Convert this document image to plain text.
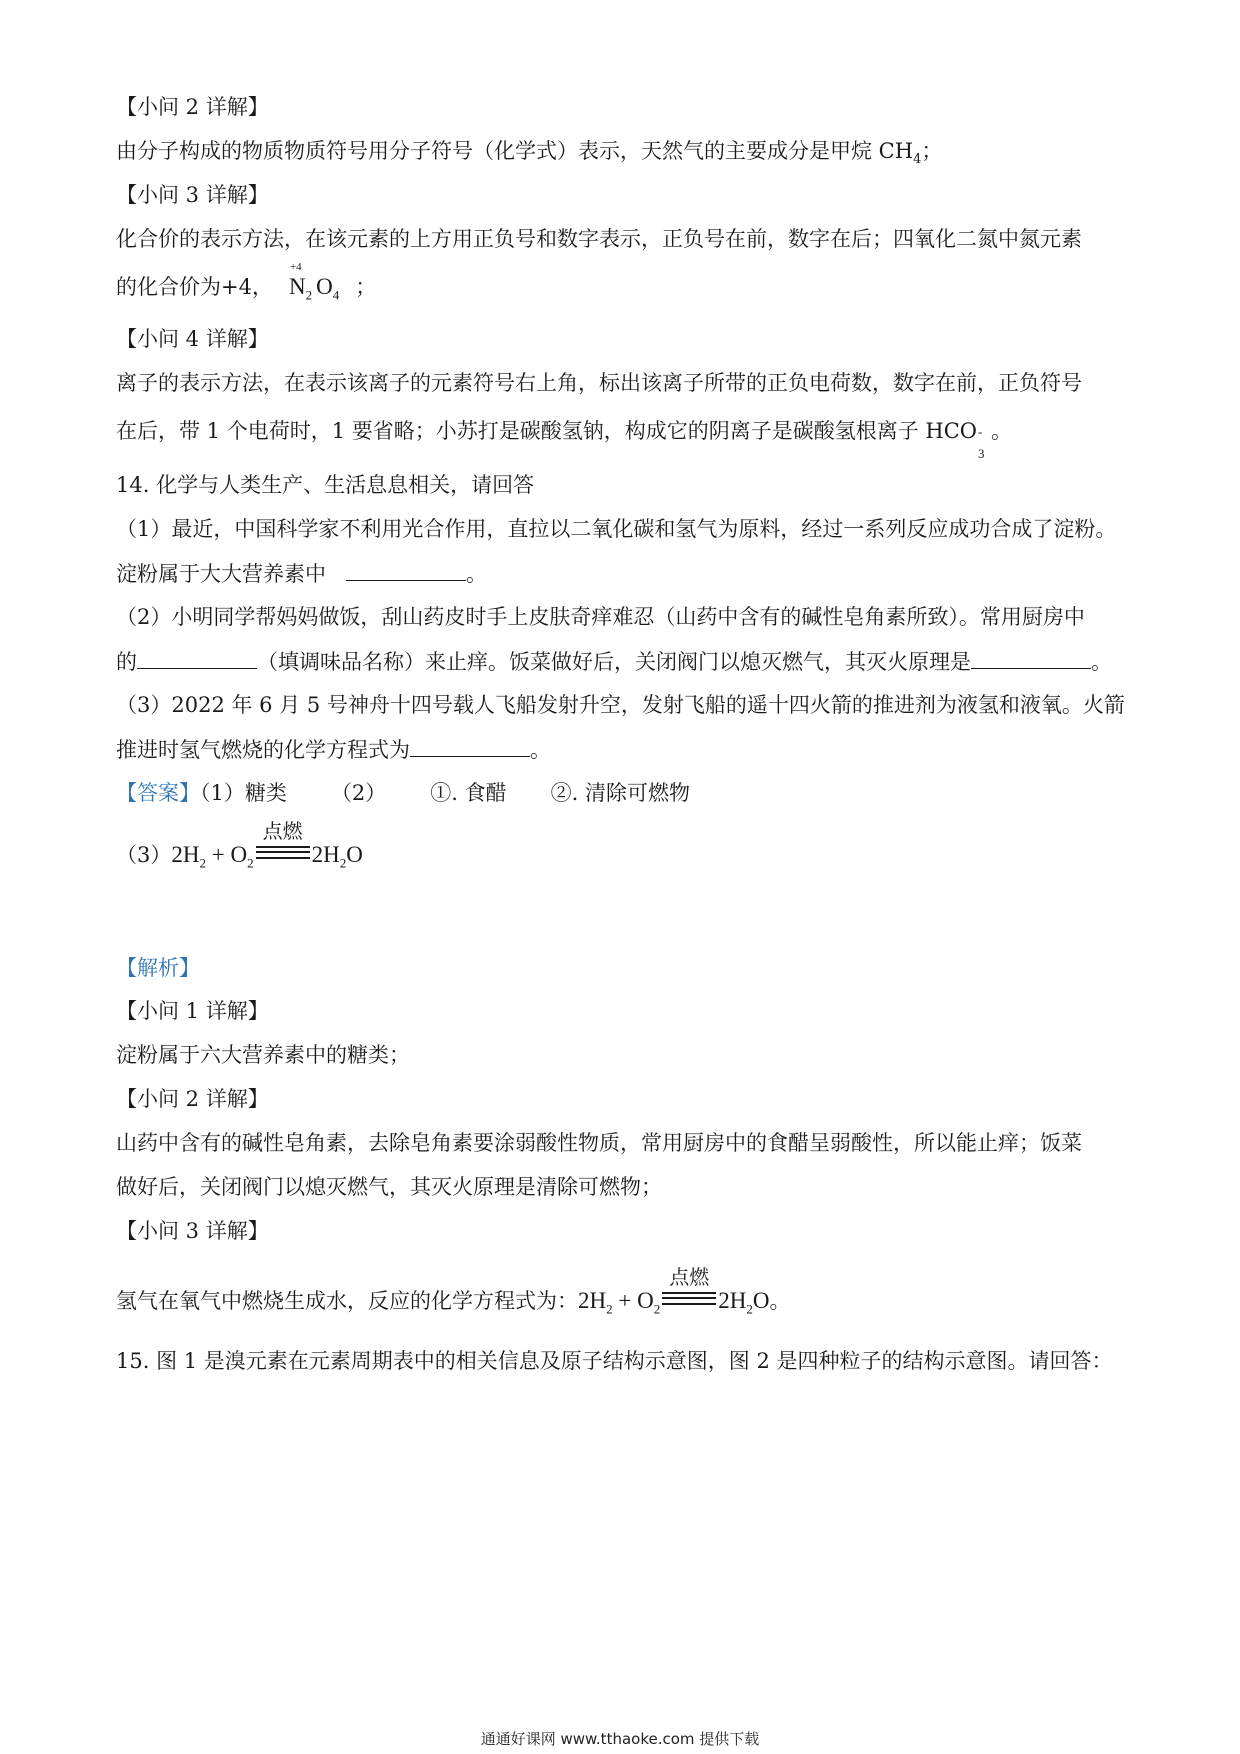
【小问 2 详解】
由分子构成的物质物质符号用分子符号（化学式）表示，天然气的主要成分是甲烷 $CH_4$；
【小问 3 详解】
化合价的表示方法，在该元素的上方用正负号和数字表示，正负号在前，数字在后；四氧化二氮中氮元素
的化合价为+4，
+4
$N_2$ $O_4$ ；
【小问 4 详解】
离子的表示方法，在表示该离子的元素符号右上角，标出该离子所带的正负电荷数，数字在前，正负符号
在后，带 1 个电荷时，1 要省略；小苏打是碳酸氢钠，构成它的阴离子是碳酸氢根离子 HCO -
3
。
14. 化学与人类生产、生活息息相关，请回答
（1）最近，中国科学家不利用光合作用，直拉以二氧化碳和氢气为原料，经过一系列反应成功合成了淀粉。
淀粉属于大大营养素中	。
（2）小明同学帮妈妈做饭，刮山药皮时手上皮肤奇痒难忍（山药中含有的碱性皂角素所致）。常用厨房中
的	（填调味品名称）来止痒。饭菜做好后，关闭阀门以熄灭燃气，其灭火原理是	。
（3）2022 年 6 月 5 号神舟十四号载人飞船发射升空，发射飞船的遥十四火箭的推进剂为液氢和液氧。火箭
推进时氢气燃烧的化学方程式为	。
【答案】（1）糖类 （2） ①. 食醋 ②. 清除可燃物
$(3)2H_2 + O_2$
点燃
$2H_2O$
【解析】
【小问 1 详解】
淀粉属于六大营养素中的糖类；
【小问 2 详解】
山药中含有的碱性皂角素，去除皂角素要涂弱酸性物质，常用厨房中的食醋呈弱酸性，所以能止痒；饭菜
做好后，关闭阀门以熄灭燃气，其灭火原理是清除可燃物；
【小问 3 详解】
氢气在氧气中燃烧生成水，反应的化学方程式为：$2H_2 + O_2$
点燃
$2H_2O$。
15. 图 1 是溴元素在元素周期表中的相关信息及原子结构示意图，图 2 是四种粒子的结构示意图。请回答：
通通好课网 www.tthaoke.com 提供下载
